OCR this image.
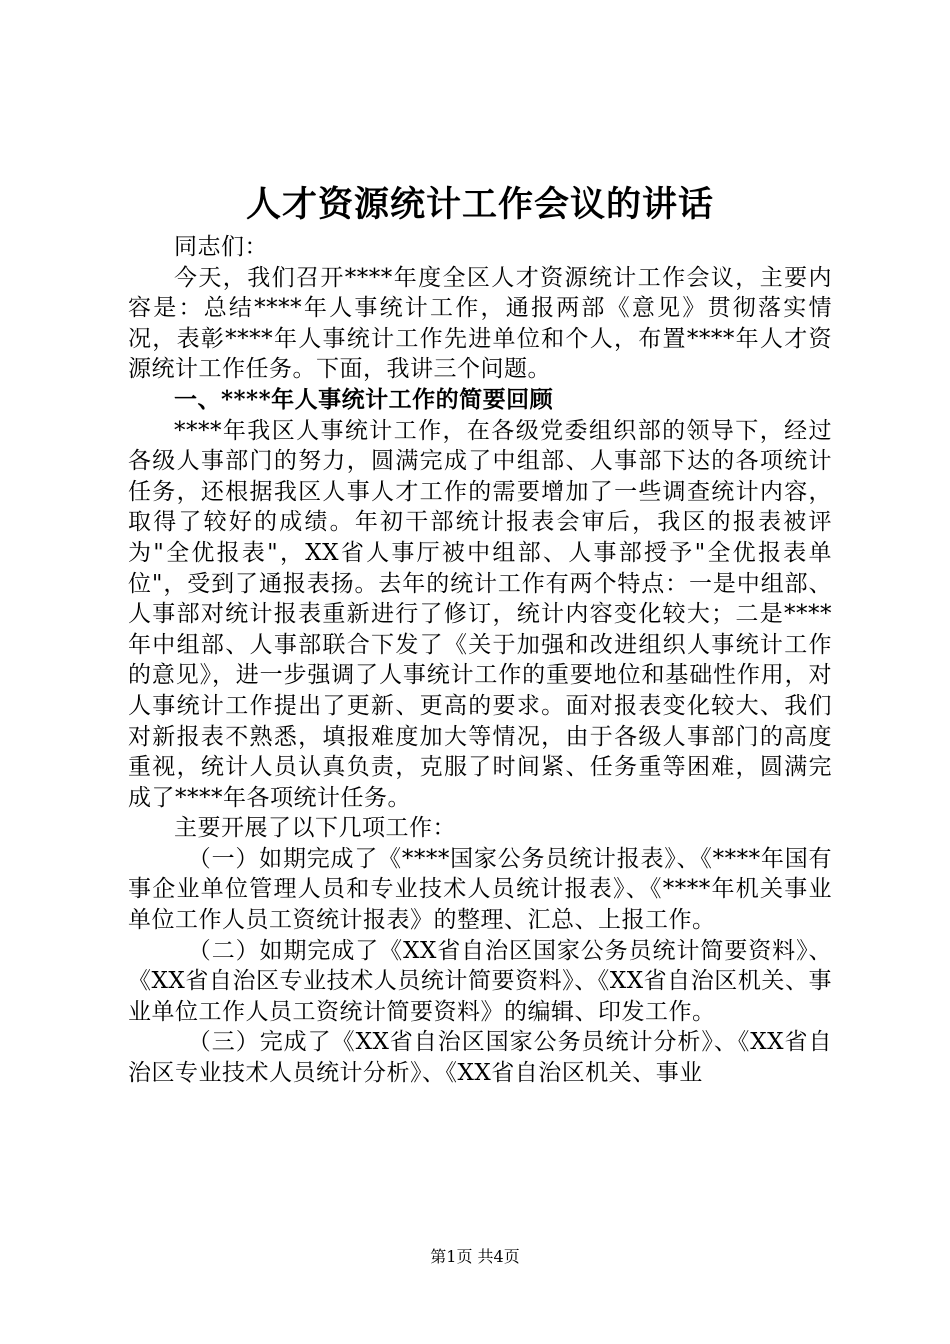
人才资源统计工作会议的讲话

同志们：

今天，我们召开****年度全区人才资源统计工作会议，主要内容是：总结****年人事统计工作，通报两部《意见》贯彻落实情况，表彰****年人事统计工作先进单位和个人，布置****年人才资源统计工作任务。下面，我讲三个问题。

一、****年人事统计工作的简要回顾

****年我区人事统计工作，在各级党委组织部的领导下，经过各级人事部门的努力，圆满完成了中组部、人事部下达的各项统计任务，还根据我区人事人才工作的需要增加了一些调查统计内容，取得了较好的成绩。年初干部统计报表会审后，我区的报表被评为"全优报表"，XX省人事厅被中组部、人事部授予"全优报表单位"，受到了通报表扬。去年的统计工作有两个特点：一是中组部、人事部对统计报表重新进行了修订，统计内容变化较大；二是****年中组部、人事部联合下发了《关于加强和改进组织人事统计工作的意见》，进一步强调了人事统计工作的重要地位和基础性作用，对人事统计工作提出了更新、更高的要求。面对报表变化较大、我们对新报表不熟悉，填报难度加大等情况，由于各级人事部门的高度重视，统计人员认真负责，克服了时间紧、任务重等困难，圆满完成了****年各项统计任务。

主要开展了以下几项工作：

（一）如期完成了《****国家公务员统计报表》、《****年国有事企业单位管理人员和专业技术人员统计报表》、《****年机关事业单位工作人员工资统计报表》的整理、汇总、上报工作。

（二）如期完成了《XX省自治区国家公务员统计简要资料》、《XX省自治区专业技术人员统计简要资料》、《XX省自治区机关、事业单位工作人员工资统计简要资料》的编辑、印发工作。

（三）完成了《XX省自治区国家公务员统计分析》、《XX省自治区专业技术人员统计分析》、《XX省自治区机关、事业

第1页 共4页
